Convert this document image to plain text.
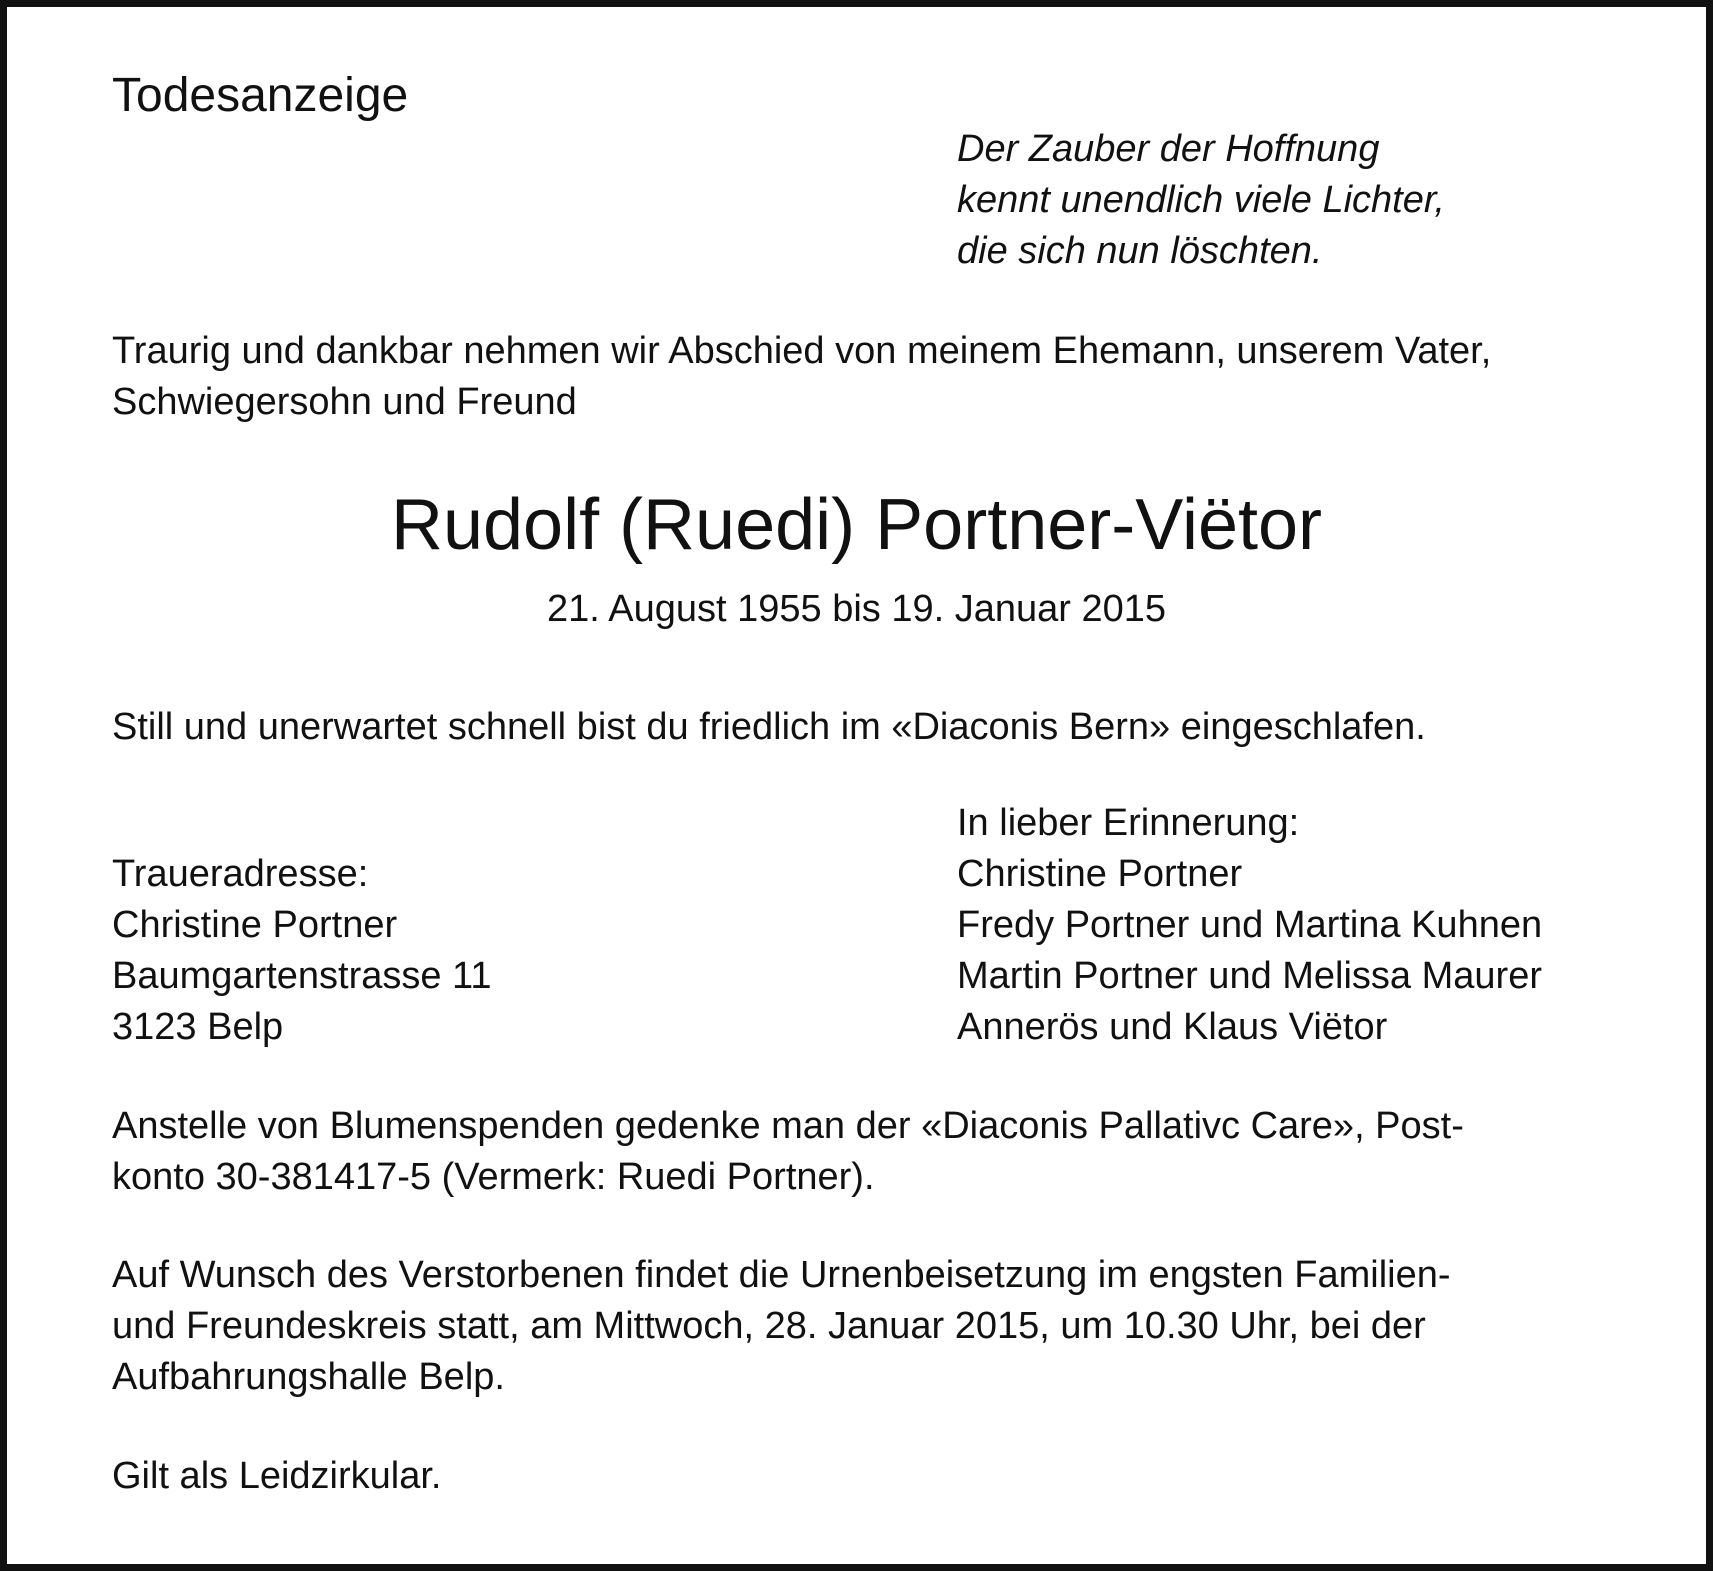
Todesanzeige
Der Zauber der Hoffnung
kennt unendlich viele Lichter,
die sich nun löschten.
Traurig und dankbar nehmen wir Abschied von meinem Ehemann, unserem Vater,
Schwiegersohn und Freund
Rudolf (Ruedi) Portner-Viëtor

21. August 1955 bis 19. Januar 2015

Still und unerwartet schnell bist du friedlich im «Diaconis Bern» eingeschlafen.

Traueradresse:
Christine Portner
Baumgartenstrasse 11
3123 Belp
In lieber Erinnerung:
Christine Portner
Fredy Portner und Martina Kuhnen
Martin Portner und Melissa Maurer
Annerös und Klaus Viëtor
Anstelle von Blumenspenden gedenke man der «Diaconis Pallativc Care», Post-
konto 30-381417-5 (Vermerk: Ruedi Portner).
Auf Wunsch des Verstorbenen findet die Urnenbeisetzung im engsten Familien-
und Freundeskreis statt, am Mittwoch, 28. Januar 2015, um 10.30 Uhr, bei der
Aufbahrungshalle Belp.

Gilt als Leidzirkular.
